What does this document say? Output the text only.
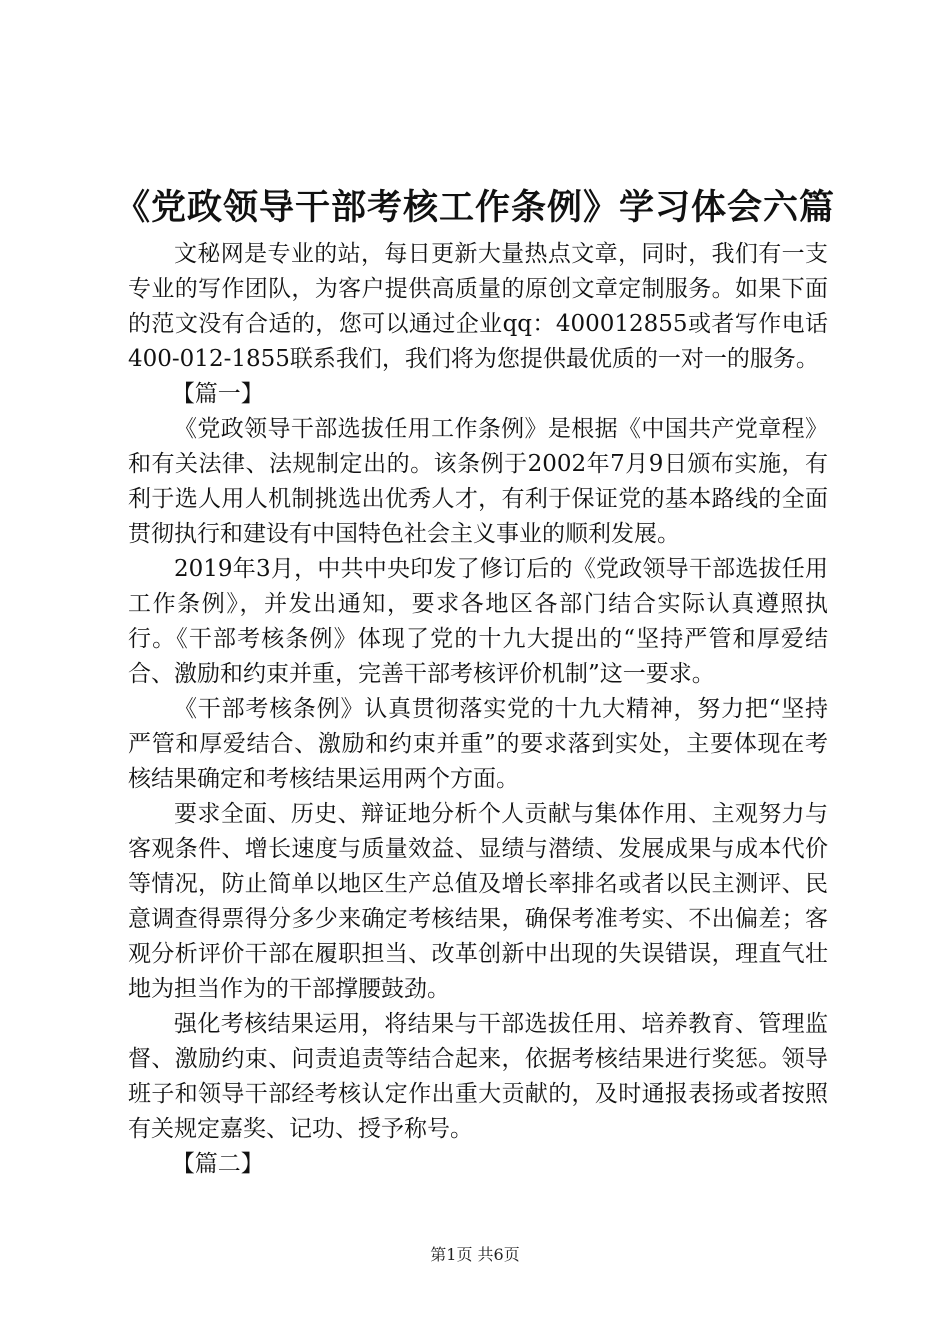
《党政领导干部考核工作条例》学习体会六篇

文秘网是专业的站，每日更新大量热点文章，同时，我们有一支专业的写作团队，为客户提供高质量的原创文章定制服务。如果下面的范文没有合适的，您可以通过企业qq：400012855或者写作电话400-012-1855联系我们，我们将为您提供最优质的一对一的服务。

【篇一】

《党政领导干部选拔任用工作条例》是根据《中国共产党章程》和有关法律、法规制定出的。该条例于2002年7月9日颁布实施，有利于选人用人机制挑选出优秀人才，有利于保证党的基本路线的全面贯彻执行和建设有中国特色社会主义事业的顺利发展。

2019年3月，中共中央印发了修订后的《党政领导干部选拔任用工作条例》，并发出通知，要求各地区各部门结合实际认真遵照执行。《干部考核条例》体现了党的十九大提出的“坚持严管和厚爱结合、激励和约束并重，完善干部考核评价机制”这一要求。

《干部考核条例》认真贯彻落实党的十九大精神，努力把“坚持严管和厚爱结合、激励和约束并重”的要求落到实处，主要体现在考核结果确定和考核结果运用两个方面。

要求全面、历史、辩证地分析个人贡献与集体作用、主观努力与客观条件、增长速度与质量效益、显绩与潜绩、发展成果与成本代价等情况，防止简单以地区生产总值及增长率排名或者以民主测评、民意调查得票得分多少来确定考核结果，确保考准考实、不出偏差；客观分析评价干部在履职担当、改革创新中出现的失误错误，理直气壮地为担当作为的干部撑腰鼓劲。

强化考核结果运用，将结果与干部选拔任用、培养教育、管理监督、激励约束、问责追责等结合起来，依据考核结果进行奖惩。领导班子和领导干部经考核认定作出重大贡献的，及时通报表扬或者按照有关规定嘉奖、记功、授予称号。

【篇二】

第1页 共6页
